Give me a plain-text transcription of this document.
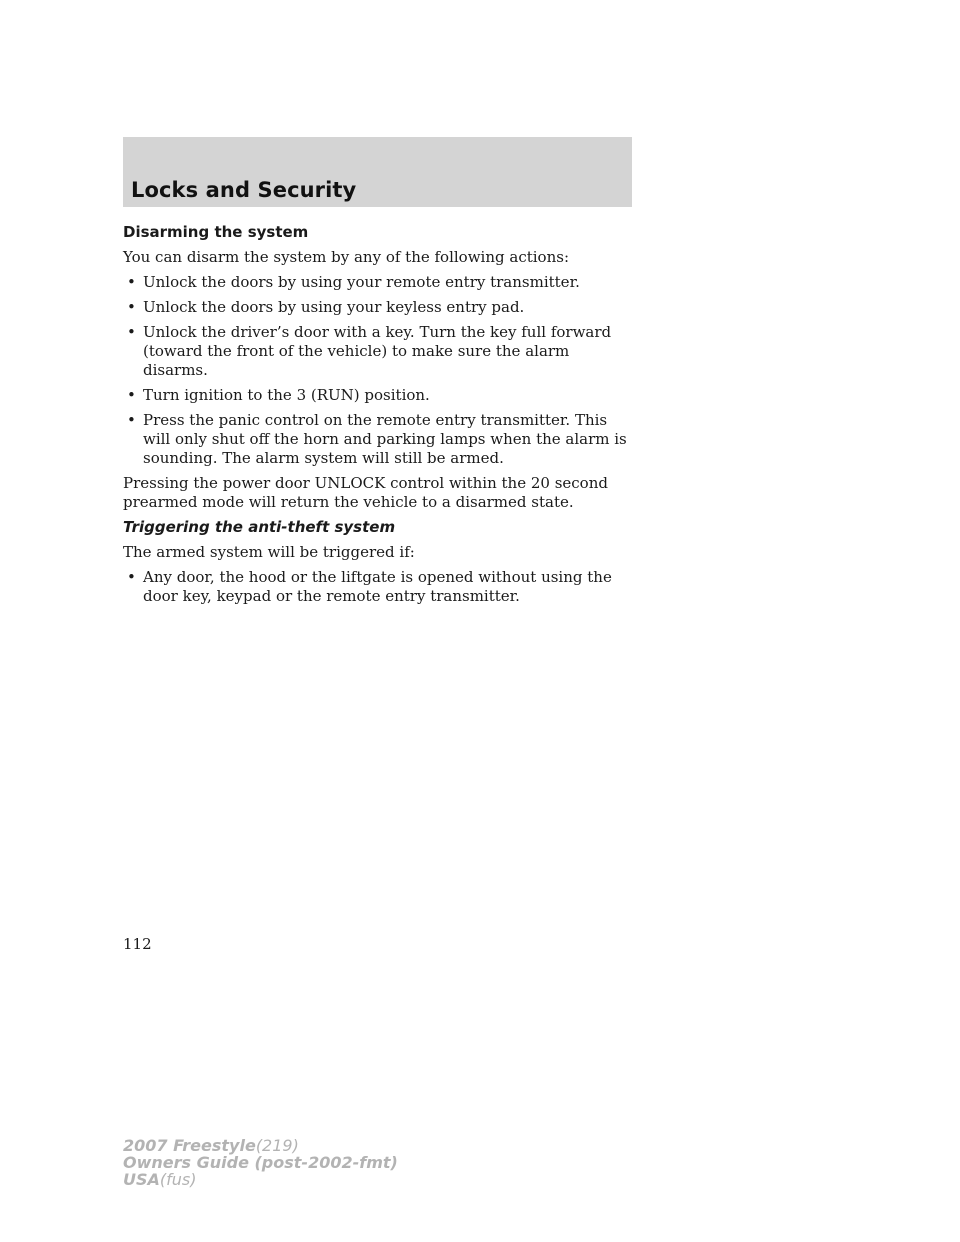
Locks and Security
Disarming the system

You can disarm the system by any of the following actions:

• Unlock the doors by using your remote entry transmitter.
• Unlock the doors by using your keyless entry pad.
• Unlock the driver’s door with a key. Turn the key full forward (toward the front of the vehicle) to make sure the alarm disarms.
• Turn ignition to the 3 (RUN) position.
• Press the panic control on the remote entry transmitter. This will only shut off the horn and parking lamps when the alarm is sounding. The alarm system will still be armed.

Pressing the power door UNLOCK control within the 20 second prearmed mode will return the vehicle to a disarmed state.

Triggering the anti-theft system

The armed system will be triggered if:

• Any door, the hood or the liftgate is opened without using the door key, keypad or the remote entry transmitter.
112
2007 Freestyle(219)
Owners Guide (post-2002-fmt)
USA(fus)
